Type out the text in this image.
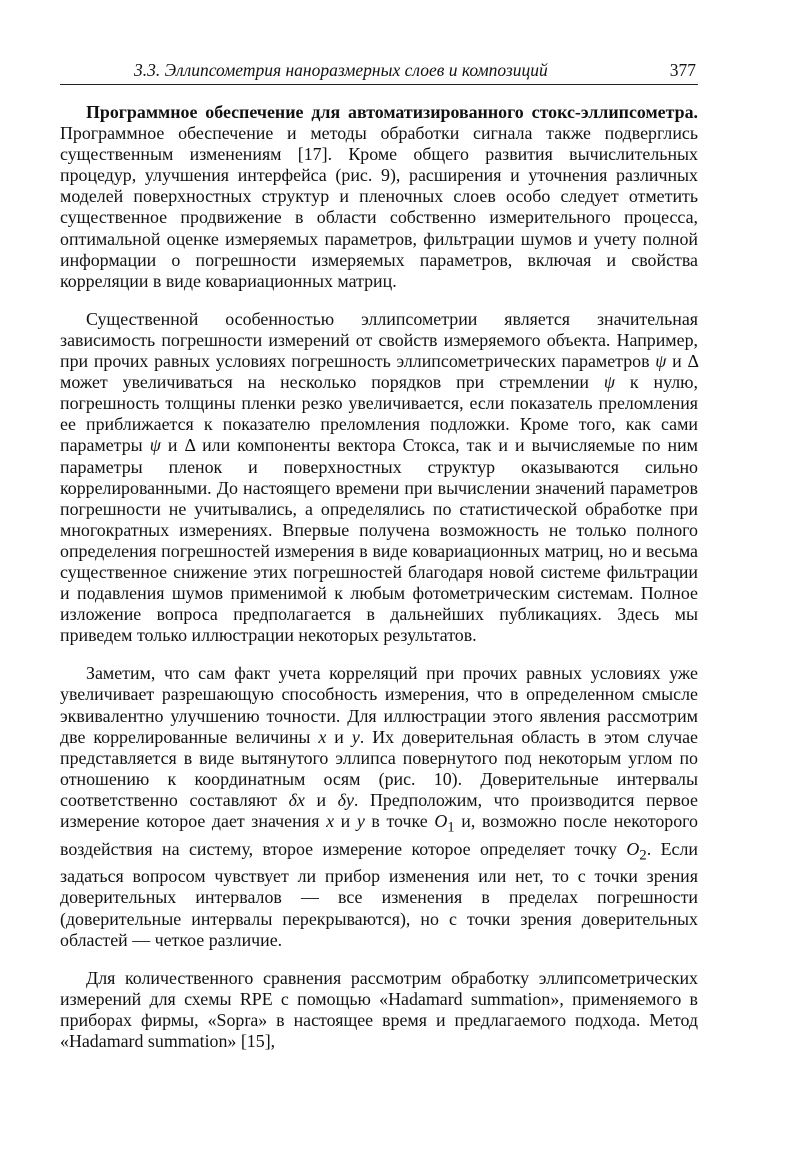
3.3. Эллипсометрия наноразмерных слоев и композиций	377

Программное обеспечение для автоматизированного стокс-эллипсометра. Программное обеспечение и методы обработки сигнала также подверглись существенным изменениям [17]. Кроме общего развития вычислительных процедур, улучшения интерфейса (рис. 9), расширения и уточнения различных моделей поверхностных структур и пленочных слоев особо следует отметить существенное продвижение в области собственно измерительного процесса, оптимальной оценке измеряемых параметров, фильтрации шумов и учету полной информации о погрешности измеряемых параметров, включая и свойства корреляции в виде ковариационных матриц.

Существенной особенностью эллипсометрии является значительная зависимость погрешности измерений от свойств измеряемого объекта. Например, при прочих равных условиях погрешность эллипсометрических параметров ψ и Δ может увеличиваться на несколько порядков при стремлении ψ к нулю, погрешность толщины пленки резко увеличивается, если показатель преломления ее приближается к показателю преломления подложки. Кроме того, как сами параметры ψ и Δ или компоненты вектора Стокса, так и и вычисляемые по ним параметры пленок и поверхностных структур оказываются сильно коррелированными. До настоящего времени при вычислении значений параметров погрешности не учитывались, а определялись по статистической обработке при многократных измерениях. Впервые получена возможность не только полного определения погрешностей измерения в виде ковариационных матриц, но и весьма существенное снижение этих погрешностей благодаря новой системе фильтрации и подавления шумов применимой к любым фотометрическим системам. Полное изложение вопроса предполагается в дальнейших публикациях. Здесь мы приведем только иллюстрации некоторых результатов.

Заметим, что сам факт учета корреляций при прочих равных условиях уже увеличивает разрешающую способность измерения, что в определенном смысле эквивалентно улучшению точности. Для иллюстрации этого явления рассмотрим две коррелированные величины x и y. Их доверительная область в этом случае представляется в виде вытянутого эллипса повернутого под некоторым углом по отношению к координатным осям (рис. 10). Доверительные интервалы соответственно составляют δx и δy. Предположим, что производится первое измерение которое дает значения x и y в точке $O_1$ и, возможно после некоторого воздействия на систему, второе измерение которое определяет точку $O_2$. Если задаться вопросом чувствует ли прибор изменения или нет, то с точки зрения доверительных интервалов — все изменения в пределах погрешности (доверительные интервалы перекрываются), но с точки зрения доверительных областей — четкое различие.

Для количественного сравнения рассмотрим обработку эллипсометрических измерений для схемы RPE с помощью «Hadamard summation», применяемого в приборах фирмы, «Sopra» в настоящее время и предлагаемого подхода. Метод «Hadamard summation» [15],
